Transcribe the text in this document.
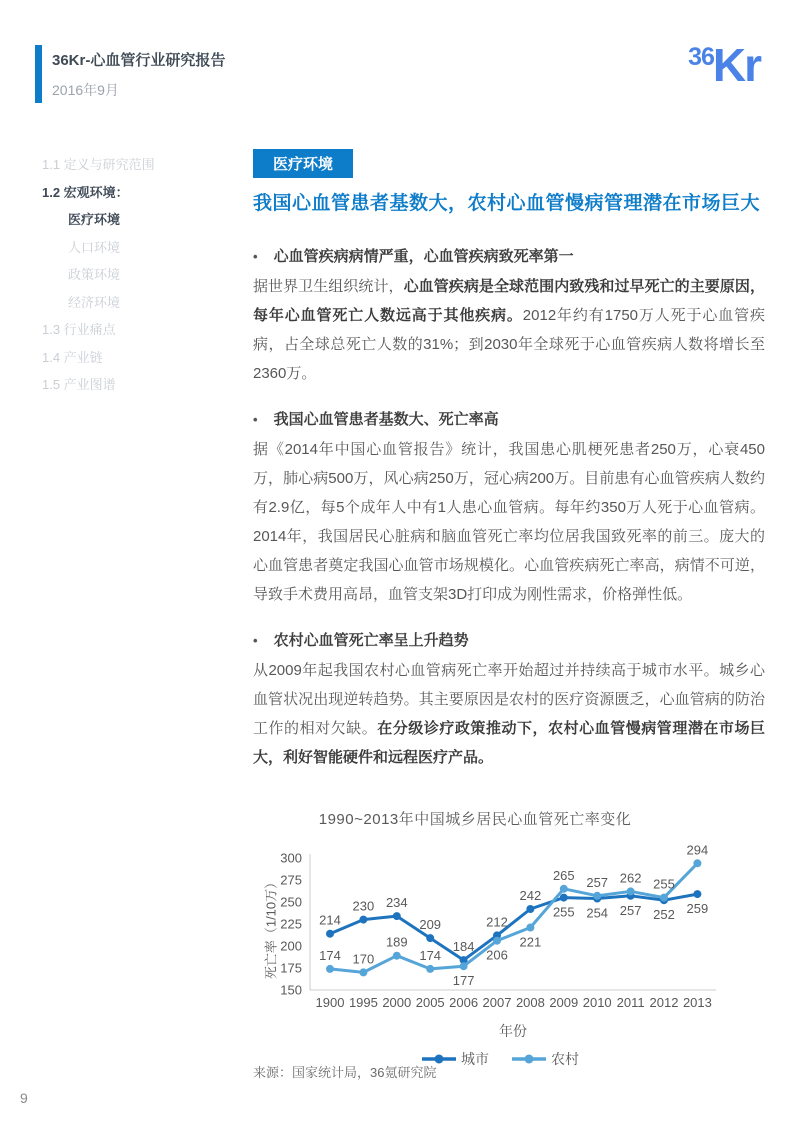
36Kr-心血管行业研究报告
2016年9月
36 Kr
1.1 定义与研究范围
1.2 宏观环境：
医疗环境
人口环境
政策环境
经济环境
1.3 行业痛点
1.4 产业链
1.5 产业图谱
医疗环境
我国心血管患者基数大，农村心血管慢病管理潜在市场巨大
• 心血管疾病病情严重，心血管疾病致死率第一

据世界卫生组织统计，心血管疾病是全球范围内致残和过早死亡的主要原因，每年心血管死亡人数远高于其他疾病。2012年约有1750万人死于心血管疾病，占全球总死亡人数的31%；到2030年全球死于心血管疾病人数将增长至2360万。

• 我国心血管患者基数大、死亡率高

据《2014年中国心血管报告》统计，我国患心肌梗死患者250万，心衰450万，肺心病500万，风心病250万，冠心病200万。目前患有心血管疾病人数约有2.9亿，每5个成年人中有1人患心血管病。每年约350万人死于心血管病。2014年，我国居民心脏病和脑血管死亡率均位居我国致死率的前三。庞大的心血管患者奠定我国心血管市场规模化。心血管疾病死亡率高，病情不可逆，导致手术费用高昂，血管支架3D打印成为刚性需求，价格弹性低。

• 农村心血管死亡率呈上升趋势

从2009年起我国农村心血管病死亡率开始超过并持续高于城市水平。城乡心血管状况出现逆转趋势。其主要原因是农村的医疗资源匮乏，心血管病的防治工作的相对欠缺。在分级诊疗政策推动下，农村心血管慢病管理潜在市场巨大，利好智能硬件和远程医疗产品。

1990~2013年中国城乡居民心血管死亡率变化
死亡率（1/10万）
150
175
200
225
250
275
300
1900 1995 2000 2005 2006 2007 2008 2009 2010 2011 2012 2013
214
230 234
209
184
212
242
255 254 257 252 259
174 170
189
174
177
206
221
265 257 262 255
294
年份
城市	农村
来源：国家统计局，36氪研究院
9
